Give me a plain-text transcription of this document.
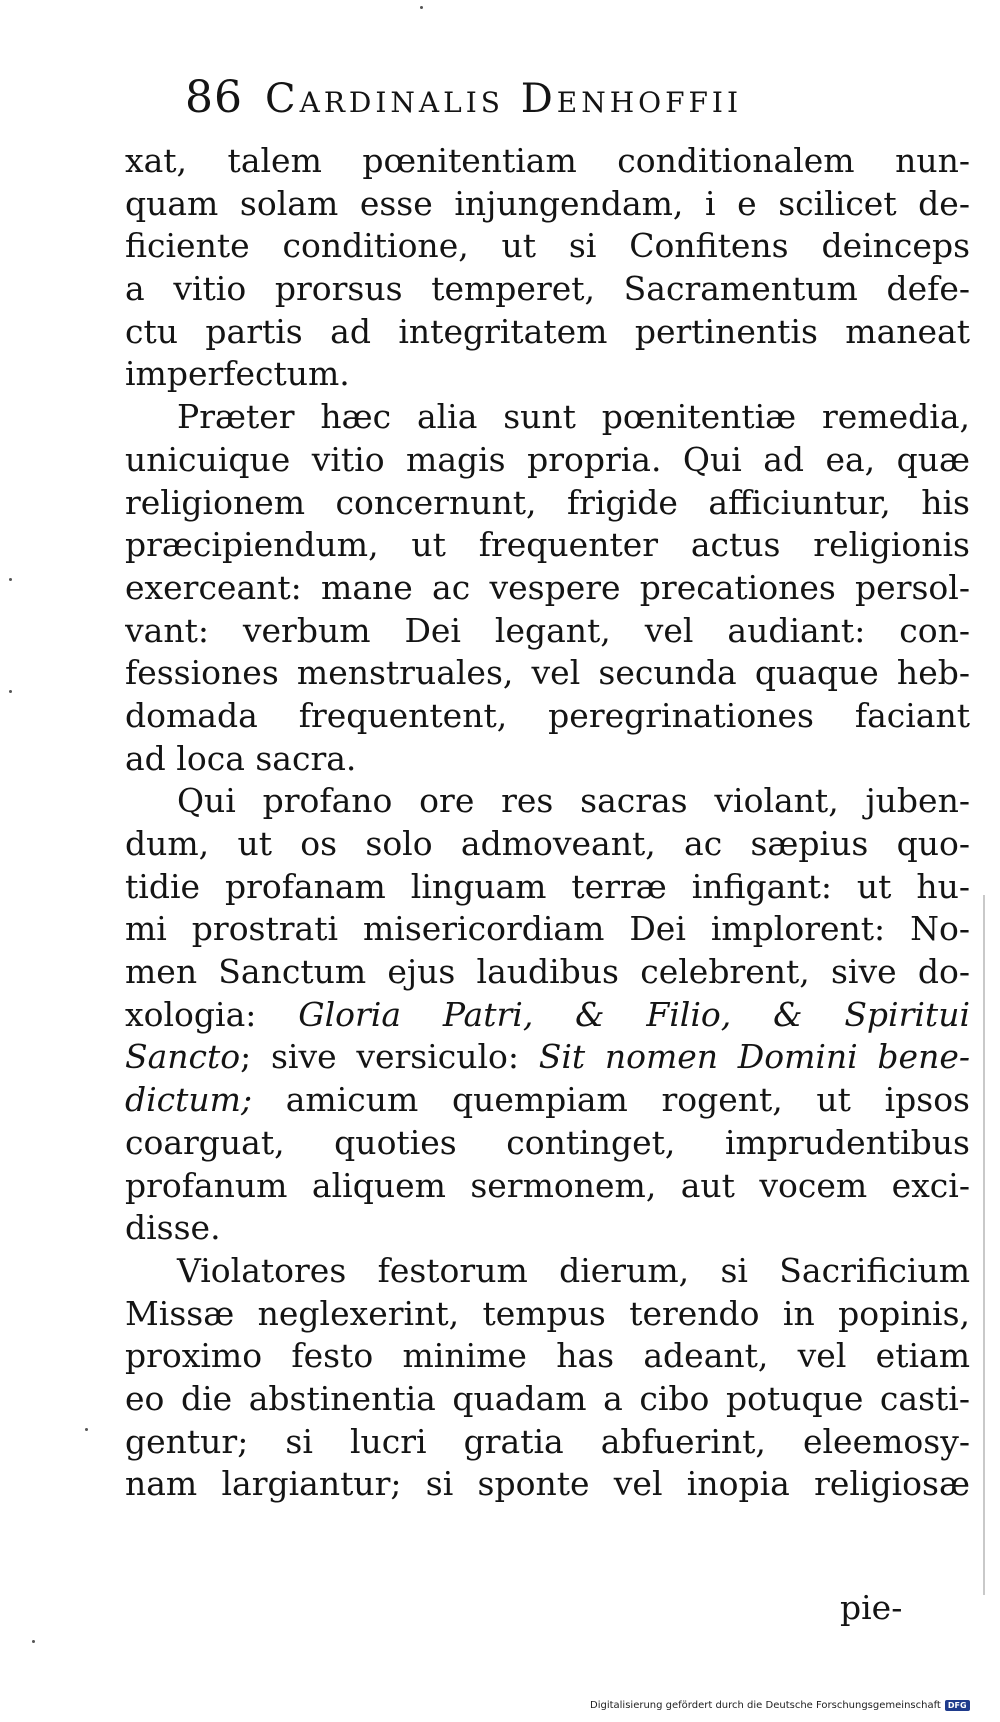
86 Cardinalis Denhoffii
xat, talem pœnitentiam conditionalem nun-
quam solam esse injungendam, i e scilicet de-
ficiente conditione, ut si Confitens deinceps
a vitio prorsus temperet, Sacramentum defe-
ctu partis ad integritatem pertinentis maneat
imperfectum.
Præter hæc alia sunt pœnitentiæ remedia,
unicuique vitio magis propria. Qui ad ea, quæ
religionem concernunt, frigide afficiuntur, his
præcipiendum, ut frequenter actus religionis
exerceant: mane ac vespere precationes persol-
vant: verbum Dei legant, vel audiant: con-
fessiones menstruales, vel secunda quaque heb-
domada frequentent, peregrinationes faciant
ad loca sacra.
Qui profano ore res sacras violant, juben-
dum, ut os solo admoveant, ac sæpius quo-
tidie profanam linguam terræ infigant: ut hu-
mi prostrati misericordiam Dei implorent: No-
men Sanctum ejus laudibus celebrent, sive do-
xologia: Gloria Patri, & Filio, & Spiritui
Sancto; sive versiculo: Sit nomen Domini bene-
dictum; amicum quempiam rogent, ut ipsos
coarguat, quoties continget, imprudentibus
profanum aliquem sermonem, aut vocem exci-
disse.
Violatores festorum dierum, si Sacrificium
Missæ neglexerint, tempus terendo in popinis,
proximo festo minime has adeant, vel etiam
eo die abstinentia quadam a cibo potuque casti-
gentur; si lucri gratia abfuerint, eleemosy-
nam largiantur; si sponte vel inopia religiosæ
pie-
Digitalisierung gefördert durch die Deutsche Forschungsgemeinschaft DFG
